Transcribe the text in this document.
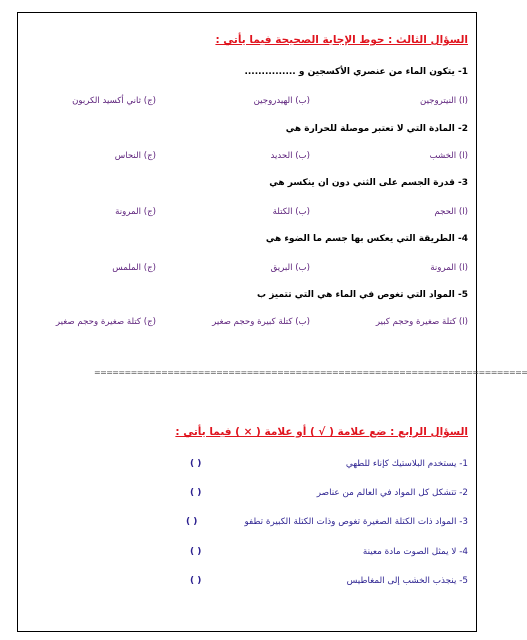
السؤال الثالث : حوط الإجابة الصحيحة فيما يأتي :
1- يتكون الماء من عنصري الأكسجين و ...............
(ا) النيتروجين
(ب) الهيدروجين
(ج) ثاني أكسيد الكربون
2- المادة التي لا تعتبر موصلة للحرارة هي
(ا) الخشب
(ب) الحديد
(ج) النحاس
3- قدرة الجسم على الثني دون ان ينكسر هي
(ا) الحجم
(ب) الكتلة
(ج) المرونة
4- الطريقة التي يعكس بها جسم ما الضوء هي
(ا) المرونة
(ب) البريق
(ج) الملمس
5- المواد التي تغوص في الماء هي التي تتميز ب
(ا) كتلة صغيرة وحجم كبير
(ب) كتلة كبيرة وحجم صغير
(ج) كتلة صغيرة وحجم صغير
=======================================================================
السؤال الرابع : ضع علامة ( √ ) أو علامة ( × ) فيما يأتي :
1- يستخدم البلاستيك كإناء للطهي
( )
2- تتشكل كل المواد في العالم من عناصر
( )
3- المواد ذات الكتلة الصغيرة تغوص وذات الكتلة الكبيرة تطفو
( )
4- لا يمثل الصوت مادة معينة
( )
5- ينجذب الخشب إلى المغاطيس
( )
